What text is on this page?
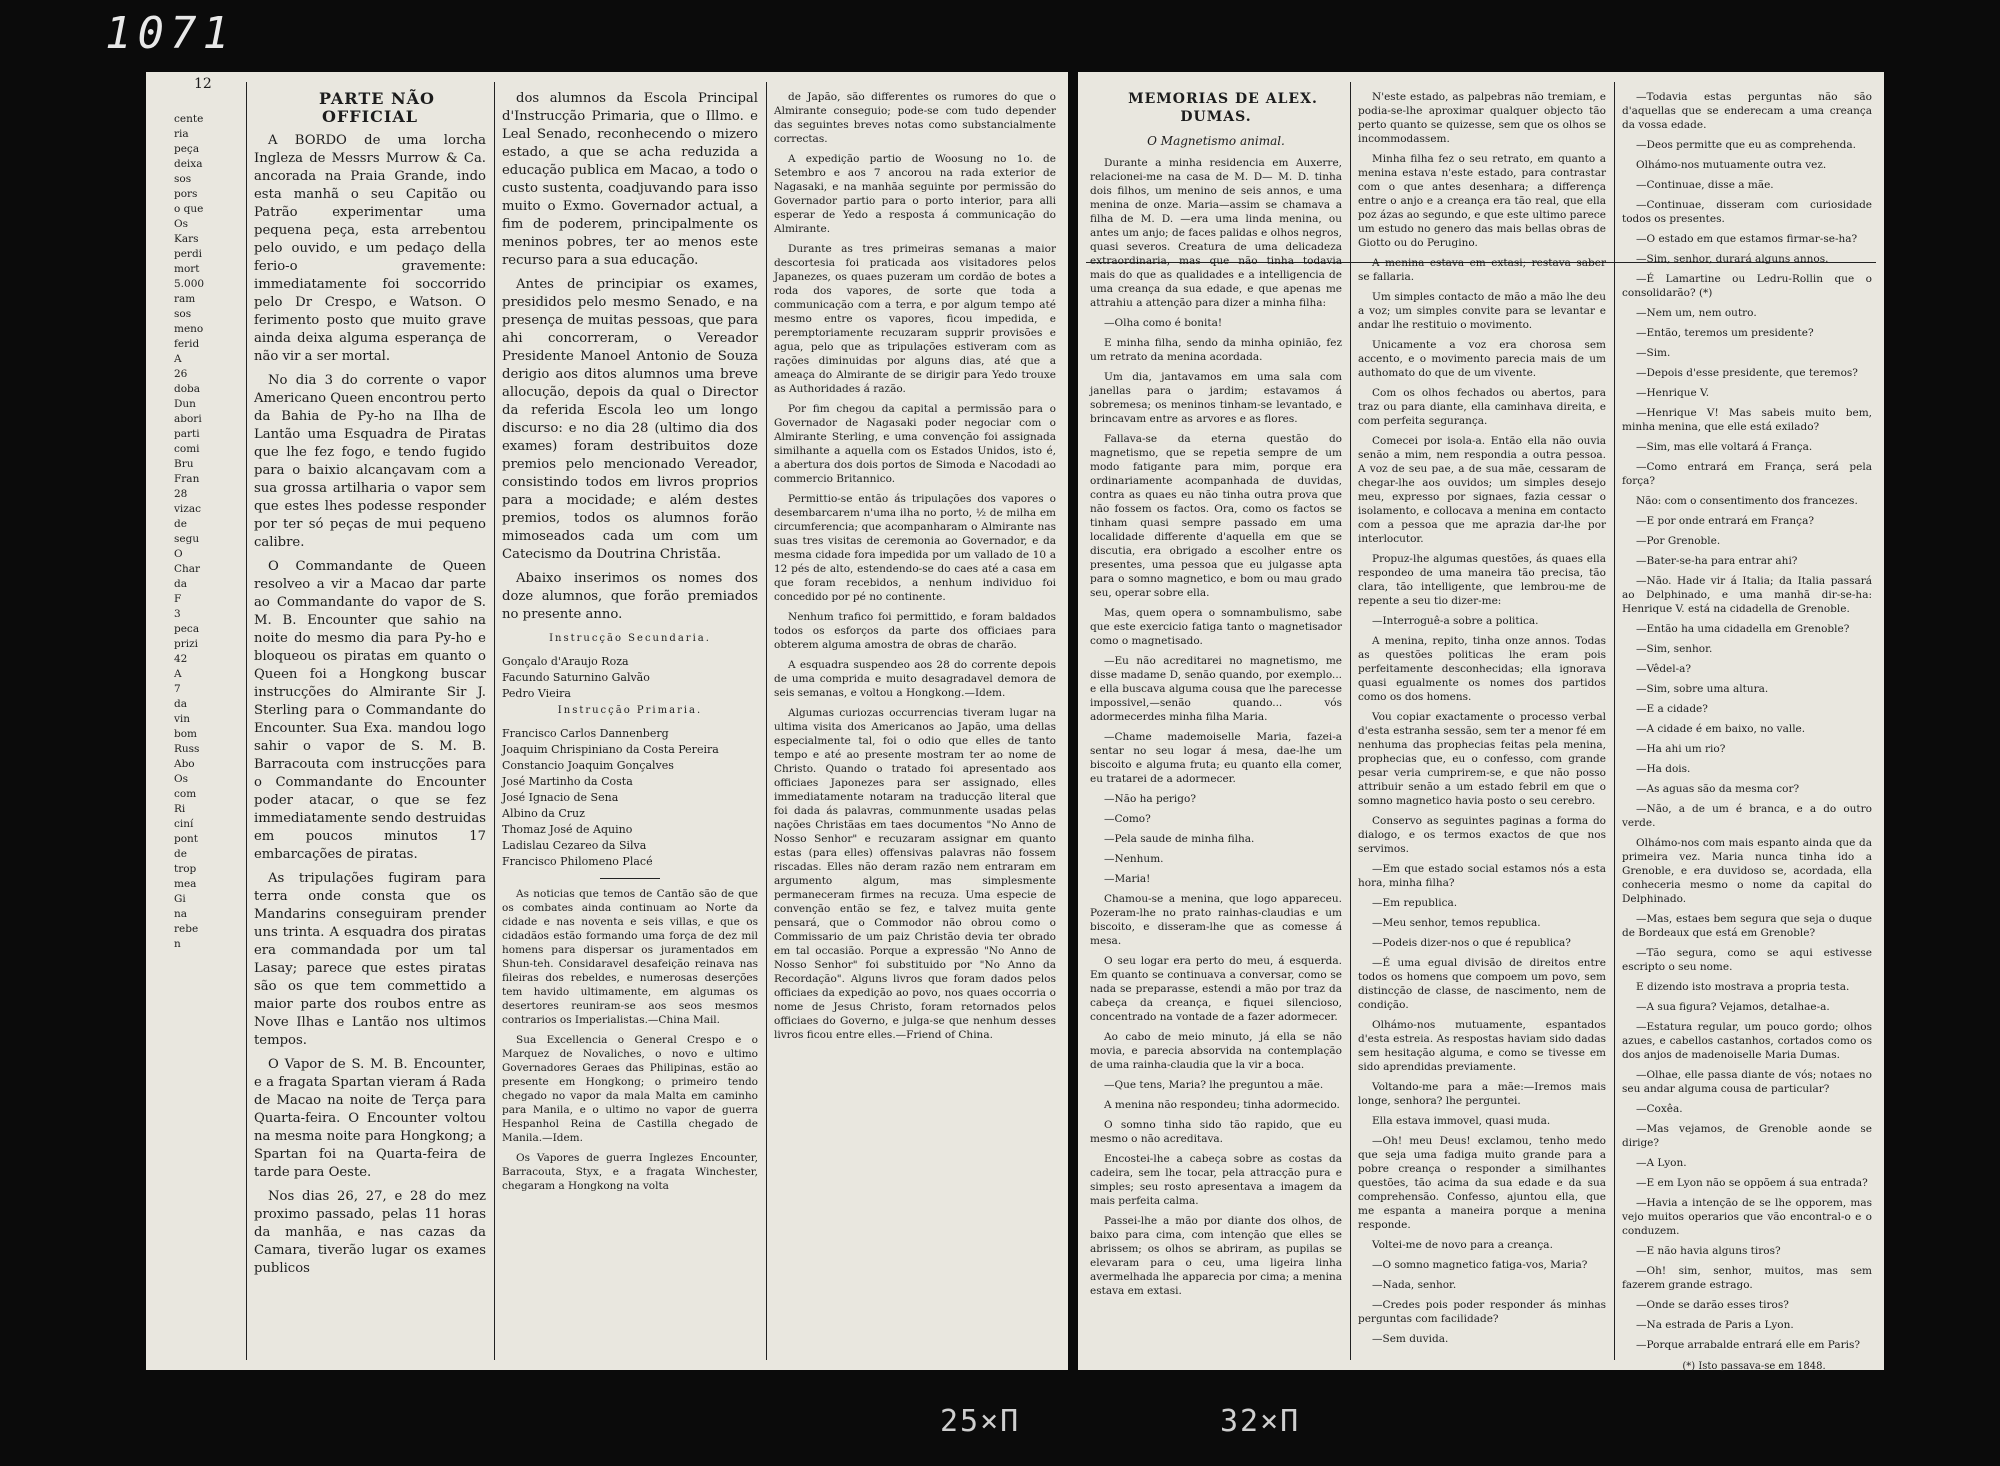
1071
12
cente
ria
peça
deixa
sos
pors
o que
Os
Kars
perdi
mort
5.000
ram
sos
meno
ferid
A
26
doba
Dun
abori
parti
comi
Bru
Fran
28
vizac
de
segu
O
Char
da
F
3
peca
prizi
42
A
7
da
vin
bom
Russ
Abo
Os
com
Ri
ciní
pont
de
trop
mea
Gi
na
rebe
n

PARTE NÃO OFFICIAL

A BORDO de uma lorcha Ingleza de Messrs Murrow & Ca. ancorada na Praia Grande, indo esta manhã o seu Capitão ou Patrão experimentar uma pequena peça, esta arrebentou pelo ouvido, e um pedaço della ferio-o gravemente: immediatamente foi soccorrido pelo Dr Crespo, e Watson. O ferimento posto que muito grave ainda deixa alguma esperança de não vir a ser mortal.

No dia 3 do corrente o vapor Americano Queen encontrou perto da Bahia de Py-ho na Ilha de Lantão uma Esquadra de Piratas que lhe fez fogo, e tendo fugido para o baixio alcançavam com a sua grossa artilharia o vapor sem que estes lhes podesse responder por ter só peças de mui pequeno calibre.

O Commandante de Queen resolveo a vir a Macao dar parte ao Commandante do vapor de S. M. B. Encounter que sahio na noite do mesmo dia para Py-ho e bloqueou os piratas em quanto o Queen foi a Hongkong buscar instrucções do Almirante Sir J. Sterling para o Commandante do Encounter. Sua Exa. mandou logo sahir o vapor de S. M. B. Barracouta com instrucções para o Commandante do Encounter poder atacar, o que se fez immediatamente sendo destruidas em poucos minutos 17 embarcações de piratas.

As tripulações fugiram para terra onde consta que os Mandarins conseguiram prender uns trinta. A esquadra dos piratas era commandada por um tal Lasay; parece que estes piratas são os que tem commettido a maior parte dos roubos entre as Nove Ilhas e Lantão nos ultimos tempos.

O Vapor de S. M. B. Encounter, e a fragata Spartan vieram á Rada de Macao na noite de Terça para Quarta-feira. O Encounter voltou na mesma noite para Hongkong; a Spartan foi na Quarta-feira de tarde para Oeste.

Nos dias 26, 27, e 28 do mez proximo passado, pelas 11 horas da manhãa, e nas cazas da Camara, tiverão lugar os exames publicos

dos alumnos da Escola Principal d'Instrucção Primaria, que o Illmo. e Leal Senado, reconhecendo o mizero estado, a que se acha reduzida a educação publica em Macao, a todo o custo sustenta, coadjuvando para isso muito o Exmo. Governador actual, a fim de poderem, principalmente os meninos pobres, ter ao menos este recurso para a sua educação.

Antes de principiar os exames, presididos pelo mesmo Senado, e na presença de muitas pessoas, que para ahi concorreram, o Vereador Presidente Manoel Antonio de Souza derigio aos ditos alumnos uma breve allocução, depois da qual o Director da referida Escola leo um longo discurso: e no dia 28 (ultimo dia dos exames) foram destribuitos doze premios pelo mencionado Vereador, consistindo todos em livros proprios para a mocidade; e além destes premios, todos os alumnos forão mimoseados cada um com um Catecismo da Doutrina Christãa.

Abaixo inserimos os nomes dos doze alumnos, que forão premiados no presente anno.

Instrucção Secundaria.

Gonçalo d'Araujo Roza
Facundo Saturnino Galvão
Pedro Vieira

Instrucção Primaria.

Francisco Carlos Dannenberg
Joaquim Chrispiniano da Costa Pereira
Constancio Joaquim Gonçalves
José Martinho da Costa
José Ignacio de Sena
Albino da Cruz
Thomaz José de Aquino
Ladislau Cezareo da Silva
Francisco Philomeno Placé

As noticias que temos de Cantão são de que os combates ainda continuam ao Norte da cidade e nas noventa e seis villas, e que os cidadãos estão formando uma força de dez mil homens para dispersar os juramentados em Shun-teh. Considaravel desafeição reinava nas fileiras dos rebeldes, e numerosas deserções tem havido ultimamente, em algumas os desertores reuniram-se aos seos mesmos contrarios os Imperialistas.—China Mail.

Sua Excellencia o General Crespo e o Marquez de Novaliches, o novo e ultimo Governadores Geraes das Philipinas, estão ao presente em Hongkong; o primeiro tendo chegado no vapor da mala Malta em caminho para Manila, e o ultimo no vapor de guerra Hespanhol Reina de Castilla chegado de Manila.—Idem.

Os Vapores de guerra Inglezes Encounter, Barracouta, Styx, e a fragata Winchester, chegaram a Hongkong na volta

de Japão, são differentes os rumores do que o Almirante conseguio; pode-se com tudo depender das seguintes breves notas como substancialmente correctas.

A expedição partio de Woosung no 1o. de Setembro e aos 7 ancorou na rada exterior de Nagasaki, e na manhãa seguinte por permissão do Governador partio para o porto interior, para alli esperar de Yedo a resposta á communicação do Almirante.

Durante as tres primeiras semanas a maior descortesia foi praticada aos visitadores pelos Japanezes, os quaes puzeram um cordão de botes a roda dos vapores, de sorte que toda a communicação com a terra, e por algum tempo até mesmo entre os vapores, ficou impedida, e peremptoriamente recuzaram supprir provisões e agua, pelo que as tripulações estiveram com as rações diminuidas por alguns dias, até que a ameaça do Almirante de se dirigir para Yedo trouxe as Authoridades á razão.

Por fim chegou da capital a permissão para o Governador de Nagasaki poder negociar com o Almirante Sterling, e uma convenção foi assignada similhante a aquella com os Estados Unidos, isto é, a abertura dos dois portos de Simoda e Nacodadi ao commercio Britannico.

Permittio-se então ás tripulações dos vapores o desembarcarem n'uma ilha no porto, ½ de milha em circumferencia; que acompanharam o Almirante nas suas tres visitas de ceremonia ao Governador, e da mesma cidade fora impedida por um vallado de 10 a 12 pés de alto, estendendo-se do caes até a casa em que foram recebidos, a nenhum individuo foi concedido por pé no continente.

Nenhum trafico foi permittido, e foram baldados todos os esforços da parte dos officiaes para obterem alguma amostra de obras de charão.

A esquadra suspendeo aos 28 do corrente depois de uma comprida e muito desagradavel demora de seis semanas, e voltou a Hongkong.—Idem.

Algumas curiozas occurrencias tiveram lugar na ultima visita dos Americanos ao Japão, uma dellas especialmente tal, foi o odio que elles de tanto tempo e até ao presente mostram ter ao nome de Christo. Quando o tratado foi apresentado aos officiaes Japonezes para ser assignado, elles immediatamente notaram na traducção literal que foi dada ás palavras, communmente usadas pelas nações Christãas em taes documentos "No Anno de Nosso Senhor" e recuzaram assignar em quanto estas (para elles) offensivas palavras não fossem riscadas. Elles não deram razão nem entraram em argumento algum, mas simplesmente permaneceram firmes na recuza. Uma especie de convenção então se fez, e talvez muita gente pensará, que o Commodor não obrou como o Commissario de um paiz Christão devia ter obrado em tal occasião. Porque a expressão "No Anno de Nosso Senhor" foi substituido por "No Anno da Recordação". Alguns livros que foram dados pelos officiaes da expedição ao povo, nos quaes occorria o nome de Jesus Christo, foram retornados pelos officiaes do Governo, e julga-se que nenhum desses livros ficou entre elles.—Friend of China.

MEMORIAS DE ALEX. DUMAS.

O Magnetismo animal.

Durante a minha residencia em Auxerre, relacionei-me na casa de M. D— M. D. tinha dois filhos, um menino de seis annos, e uma menina de onze. Maria—assim se chamava a filha de M. D. —era uma linda menina, ou antes um anjo; de faces palidas e olhos negros, quasi severos. Creatura de uma delicadeza extraordinaria, mas que não tinha todavia mais do que as qualidades e a intelligencia de uma creança da sua edade, e que apenas me attrahiu a attenção para dizer a minha filha:

—Olha como é bonita!

E minha filha, sendo da minha opinião, fez um retrato da menina acordada.

Um dia, jantavamos em uma sala com janellas para o jardim; estavamos á sobremesa; os meninos tinham-se levantado, e brincavam entre as arvores e as flores.

Fallava-se da eterna questão do magnetismo, que se repetia sempre de um modo fatigante para mim, porque era ordinariamente acompanhada de duvidas, contra as quaes eu não tinha outra prova que não fossem os factos. Ora, como os factos se tinham quasi sempre passado em uma localidade differente d'aquella em que se discutia, era obrigado a escolher entre os presentes, uma pessoa que eu julgasse apta para o somno magnetico, e bom ou mau grado seu, operar sobre ella.

Mas, quem opera o somnambulismo, sabe que este exercicio fatiga tanto o magnetisador como o magnetisado.

—Eu não acreditarei no magnetismo, me disse madame D, senão quando, por exemplo... e ella buscava alguma cousa que lhe parecesse impossivel,—senão quando... vós adormecerdes minha filha Maria.

—Chame mademoiselle Maria, fazei-a sentar no seu logar á mesa, dae-lhe um biscoito e alguma fruta; eu quanto ella comer, eu tratarei de a adormecer.

—Não ha perigo?

—Como?

—Pela saude de minha filha.

—Nenhum.

—Maria!

Chamou-se a menina, que logo appareceu. Pozeram-lhe no prato rainhas-claudias e um biscoito, e disseram-lhe que as comesse á mesa.

O seu logar era perto do meu, á esquerda. Em quanto se continuava a conversar, como se nada se preparasse, estendi a mão por traz da cabeça da creança, e fiquei silencioso, concentrado na vontade de a fazer adormecer.

Ao cabo de meio minuto, já ella se não movia, e parecia absorvida na contemplação de uma rainha-claudia que la vir a boca.

—Que tens, Maria? lhe preguntou a mãe.

A menina não respondeu; tinha adormecido.

O somno tinha sido tão rapido, que eu mesmo o não acreditava.

Encostei-lhe a cabeça sobre as costas da cadeira, sem lhe tocar, pela attracção pura e simples; seu rosto apresentava a imagem da mais perfeita calma.

Passei-lhe a mão por diante dos olhos, de baixo para cima, com intenção que elles se abrissem; os olhos se abriram, as pupilas se elevaram para o ceu, uma ligeira linha avermelhada lhe apparecia por cima; a menina estava em extasi.

N'este estado, as palpebras não tremiam, e podia-se-lhe aproximar qualquer objecto tão perto quanto se quizesse, sem que os olhos se incommodassem.

Minha filha fez o seu retrato, em quanto a menina estava n'este estado, para contrastar com o que antes desenhara; a differença entre o anjo e a creança era tão real, que ella poz ázas ao segundo, e que este ultimo parece um estudo no genero das mais bellas obras de Giotto ou do Perugino.

A menina estava em extasi; restava saber se fallaria.

Um simples contacto de mão a mão lhe deu a voz; um simples convite para se levantar e andar lhe restituio o movimento.

Unicamente a voz era chorosa sem accento, e o movimento parecia mais de um authomato do que de um vivente.

Com os olhos fechados ou abertos, para traz ou para diante, ella caminhava direita, e com perfeita segurança.

Comecei por isola-a. Então ella não ouvia senão a mim, nem respondia a outra pessoa. A voz de seu pae, a de sua mãe, cessaram de chegar-lhe aos ouvidos; um simples desejo meu, expresso por signaes, fazia cessar o isolamento, e collocava a menina em contacto com a pessoa que me aprazia dar-lhe por interlocutor.

Propuz-lhe algumas questões, ás quaes ella respondeo de uma maneira tão precisa, tão clara, tão intelligente, que lembrou-me de repente a seu tio dizer-me:

—Interroguê-a sobre a politica.

A menina, repito, tinha onze annos. Todas as questões politicas lhe eram pois perfeitamente desconhecidas; ella ignorava quasi egualmente os nomes dos partidos como os dos homens.

Vou copiar exactamente o processo verbal d'esta estranha sessão, sem ter a menor fé em nenhuma das prophecias feitas pela menina, prophecias que, eu o confesso, com grande pesar veria cumprirem-se, e que não posso attribuir senão a um estado febril em que o somno magnetico havia posto o seu cerebro.

Conservo as seguintes paginas a forma do dialogo, e os termos exactos de que nos servimos.

—Em que estado social estamos nós a esta hora, minha filha?

—Em republica.

—Meu senhor, temos republica.

—Podeis dizer-nos o que é republica?

—É uma egual divisão de direitos entre todos os homens que compoem um povo, sem distincção de classe, de nascimento, nem de condição.

Olhámo-nos mutuamente, espantados d'esta estreia. As respostas haviam sido dadas sem hesitação alguma, e como se tivesse em sido aprendidas previamente.

Voltando-me para a mãe:—Iremos mais longe, senhora? lhe perguntei.

Ella estava immovel, quasi muda.

—Oh! meu Deus! exclamou, tenho medo que seja uma fadiga muito grande para a pobre creança o responder a similhantes questões, tão acima da sua edade e da sua comprehensão. Confesso, ajuntou ella, que me espanta a maneira porque a menina responde.

Voltei-me de novo para a creança.

—O somno magnetico fatiga-vos, Maria?

—Nada, senhor.

—Credes pois poder responder ás minhas perguntas com facilidade?

—Sem duvida.

—Todavia estas perguntas não são d'aquellas que se enderecam a uma creança da vossa edade.

—Deos permitte que eu as comprehenda.

Olhámo-nos mutuamente outra vez.

—Continuae, disse a mãe.

—Continuae, disseram com curiosidade todos os presentes.

—O estado em que estamos firmar-se-ha?

—Sim, senhor, durará alguns annos.

—É Lamartine ou Ledru-Rollin que o consolidarão? (*)

—Nem um, nem outro.

—Então, teremos um presidente?

—Sim.

—Depois d'esse presidente, que teremos?

—Henrique V.

—Henrique V! Mas sabeis muito bem, minha menina, que elle está exilado?

—Sim, mas elle voltará á França.

—Como entrará em França, será pela força?

Não: com o consentimento dos francezes.

—E por onde entrará em França?

—Por Grenoble.

—Bater-se-ha para entrar ahi?

—Não. Hade vir á Italia; da Italia passará ao Delphinado, e uma manhã dir-se-ha: Henrique V. está na cidadella de Grenoble.

—Então ha uma cidadella em Grenoble?

—Sim, senhor.

—Vêdel-a?

—Sim, sobre uma altura.

—E a cidade?

—A cidade é em baixo, no valle.

—Ha ahi um rio?

—Ha dois.

—As aguas são da mesma cor?

—Não, a de um é branca, e a do outro verde.

Olhámo-nos com mais espanto ainda que da primeira vez. Maria nunca tinha ido a Grenoble, e era duvidoso se, acordada, ella conheceria mesmo o nome da capital do Delphinado.

—Mas, estaes bem segura que seja o duque de Bordeaux que está em Grenoble?

—Tão segura, como se aqui estivesse escripto o seu nome.

E dizendo isto mostrava a propria testa.

—A sua figura? Vejamos, detalhae-a.

—Estatura regular, um pouco gordo; olhos azues, e cabellos castanhos, cortados como os dos anjos de madenoiselle Maria Dumas.

—Olhae, elle passa diante de vós; notaes no seu andar alguma cousa de particular?

—Coxêa.

—Mas vejamos, de Grenoble aonde se dirige?

—A Lyon.

—E em Lyon não se oppõem á sua entrada?

—Havia a intenção de se lhe opporem, mas vejo muitos operarios que vão encontral-o e o conduzem.

—E não havia alguns tiros?

—Oh! sim, senhor, muitos, mas sem fazerem grande estrago.

—Onde se darão esses tiros?

—Na estrada de Paris a Lyon.

—Porque arrabalde entrará elle em Paris?

(*) Isto passava-se em 1848.

25×Π	32×Π
